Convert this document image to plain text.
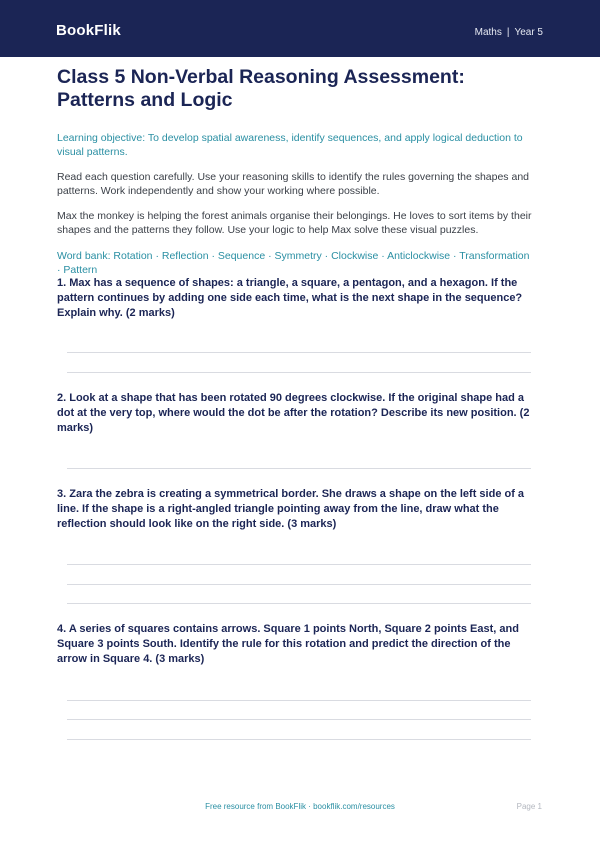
BookFlik	Maths | Year 5
Class 5 Non-Verbal Reasoning Assessment: Patterns and Logic

Learning objective: To develop spatial awareness, identify sequences, and apply logical deduction to visual patterns.

Read each question carefully. Use your reasoning skills to identify the rules governing the shapes and patterns. Work independently and show your working where possible.

Max the monkey is helping the forest animals organise their belongings. He loves to sort items by their shapes and the patterns they follow. Use your logic to help Max solve these visual puzzles.

Word bank: Rotation · Reflection · Sequence · Symmetry · Clockwise · Anticlockwise · Transformation · Pattern

1. Max has a sequence of shapes: a triangle, a square, a pentagon, and a hexagon. If the pattern continues by adding one side each time, what is the next shape in the sequence? Explain why. (2 marks)

2. Look at a shape that has been rotated 90 degrees clockwise. If the original shape had a dot at the very top, where would the dot be after the rotation? Describe its new position. (2 marks)

3. Zara the zebra is creating a symmetrical border. She draws a shape on the left side of a line. If the shape is a right-angled triangle pointing away from the line, draw what the reflection should look like on the right side. (3 marks)

4. A series of squares contains arrows. Square 1 points North, Square 2 points East, and Square 3 points South. Identify the rule for this rotation and predict the direction of the arrow in Square 4. (3 marks)

Free resource from BookFlik · bookflik.com/resources	Page 1
